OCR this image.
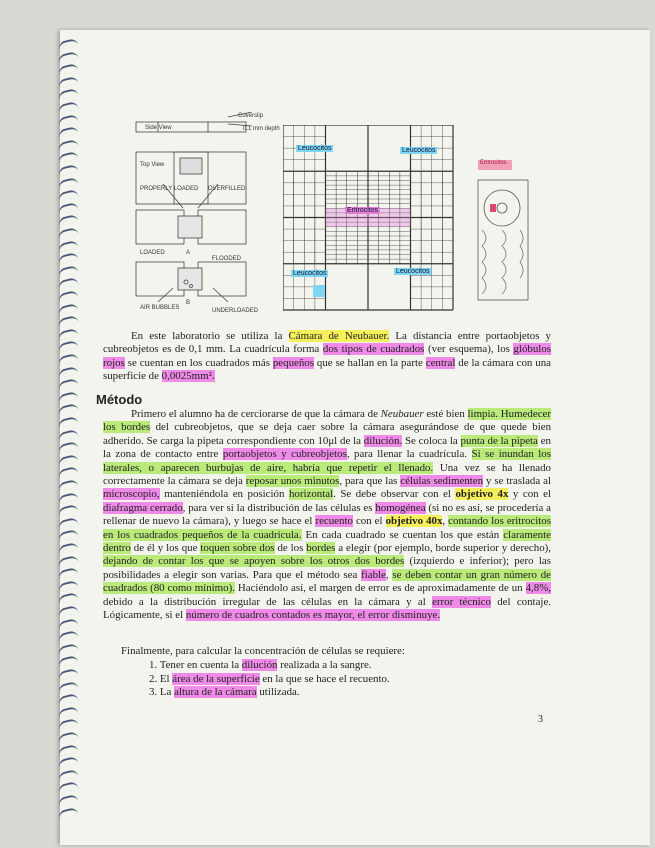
Coverslip
0.1 mm depth
Side View
Top View
PROPERLY LOADED OVERFILLED
LOADED
FLOODED
A
AIR BUBBLES	UNDERLOADED
B
Leucocitos	Leucocitos
Eritrocitos
Leucocitos	Leucocitos
Eritrocitos

En este laboratorio se utiliza la Cámara de Neubauer. La distancia entre portaobjetos y cubreobjetos es de 0,1 mm. La cuadrícula forma dos tipos de cuadrados (ver esquema), los glóbulos rojos se cuentan en los cuadrados más pequeños que se hallan en la parte central de la cámara con una superficie de 0,0025mm².

Método

Primero el alumno ha de cerciorarse de que la cámara de Neubauer esté bien limpia. Humedecer los bordes del cubreobjetos, que se deja caer sobre la cámara asegurándose de que quede bien adherido. Se carga la pipeta correspondiente con 10μl de la dilución. Se coloca la punta de la pipeta en la zona de contacto entre portaobjetos y cubreobjetos, para llenar la cuadrícula. Si se inundan los laterales, o aparecen burbujas de aire, habría que repetir el llenado. Una vez se ha llenado correctamente la cámara se deja reposar unos minutos, para que las células sedimenten y se traslada al microscopio, manteniéndola en posición horizontal. Se debe observar con el objetivo 4x y con el diafragma cerrado, para ver si la distribución de las células es homogénea (si no es así, se procedería a rellenar de nuevo la cámara), y luego se hace el recuento con el objetivo 40x, contando los eritrocitos en los cuadrados pequeños de la cuadrícula. En cada cuadrado se cuentan los que están claramente dentro de él y los que toquen sobre dos de los bordes a elegir (por ejemplo, borde superior y derecho), dejando de contar los que se apoyen sobre los otros dos bordes (izquierdo e inferior); pero las posibilidades a elegir son varias. Para que el método sea fiable, se deben contar un gran número de cuadrados (80 como mínimo). Haciéndolo así, el margen de error es de aproximadamente de un 4,8%, debido a la distribución irregular de las células en la cámara y al error técnico del contaje. Lógicamente, si el número de cuadros contados es mayor, el error disminuye.

Finalmente, para calcular la concentración de células se requiere:
1. Tener en cuenta la dilución realizada a la sangre.
2. El área de la superficie en la que se hace el recuento.
3. La altura de la cámara utilizada.
3
